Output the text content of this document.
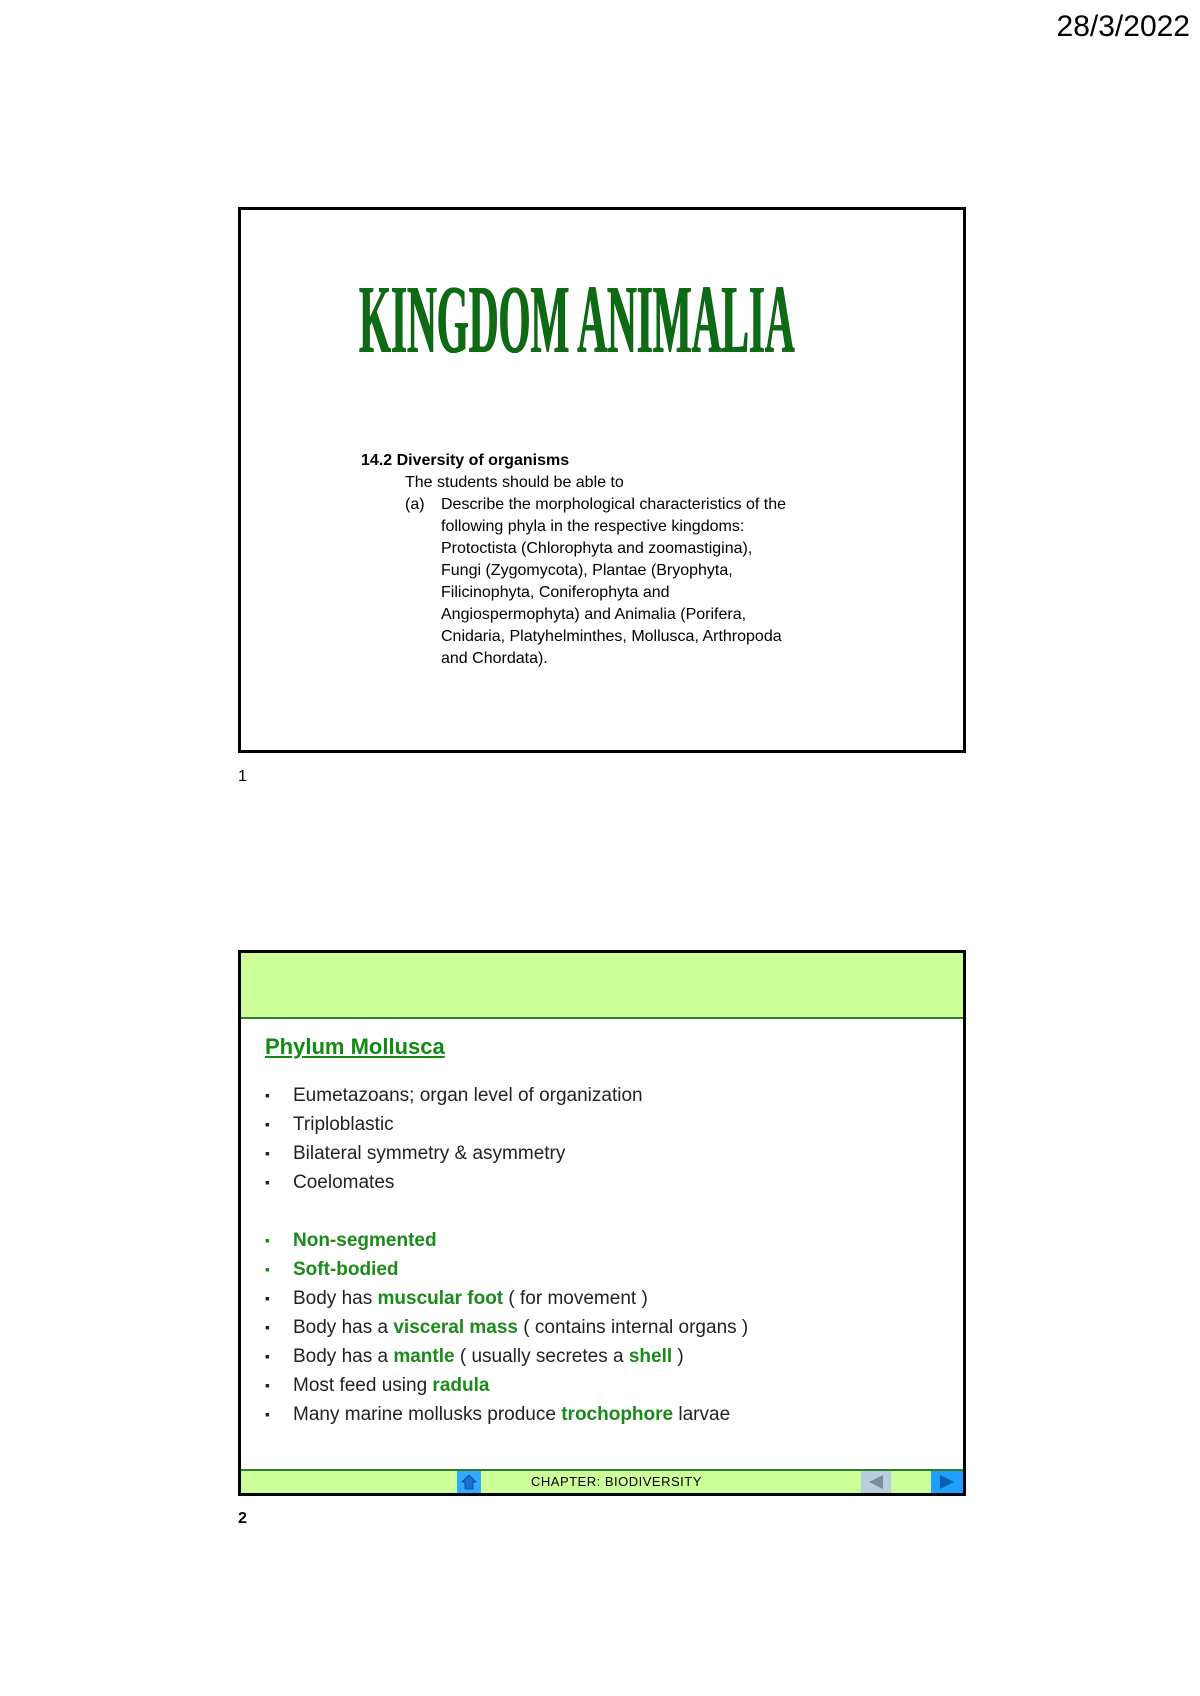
28/3/2022
KINGDOM ANIMALIA
14.2 Diversity of organisms
The students should be able to
(a)	Describe the morphological characteristics of the
following phyla in the respective kingdoms:
Protoctista (Chlorophyta and zoomastigina),
Fungi (Zygomycota), Plantae (Bryophyta,
Filicinophyta, Coniferophyta and
Angiospermophyta) and Animalia (Porifera,
Cnidaria, Platyhelminthes, Mollusca, Arthropoda
and Chordata).
1
Phylum Mollusca
▪	Eumetazoans; organ level of organization
▪	Triploblastic
▪	Bilateral symmetry & asymmetry
▪	Coelomates
▪	Non-segmented
▪	Soft-bodied
▪	Body has muscular foot ( for movement )
▪	Body has a visceral mass ( contains internal organs )
▪	Body has a mantle ( usually secretes a shell )
▪	Most feed using radula
▪	Many marine mollusks produce trochophore larvae
CHAPTER: BIODIVERSITY
2
